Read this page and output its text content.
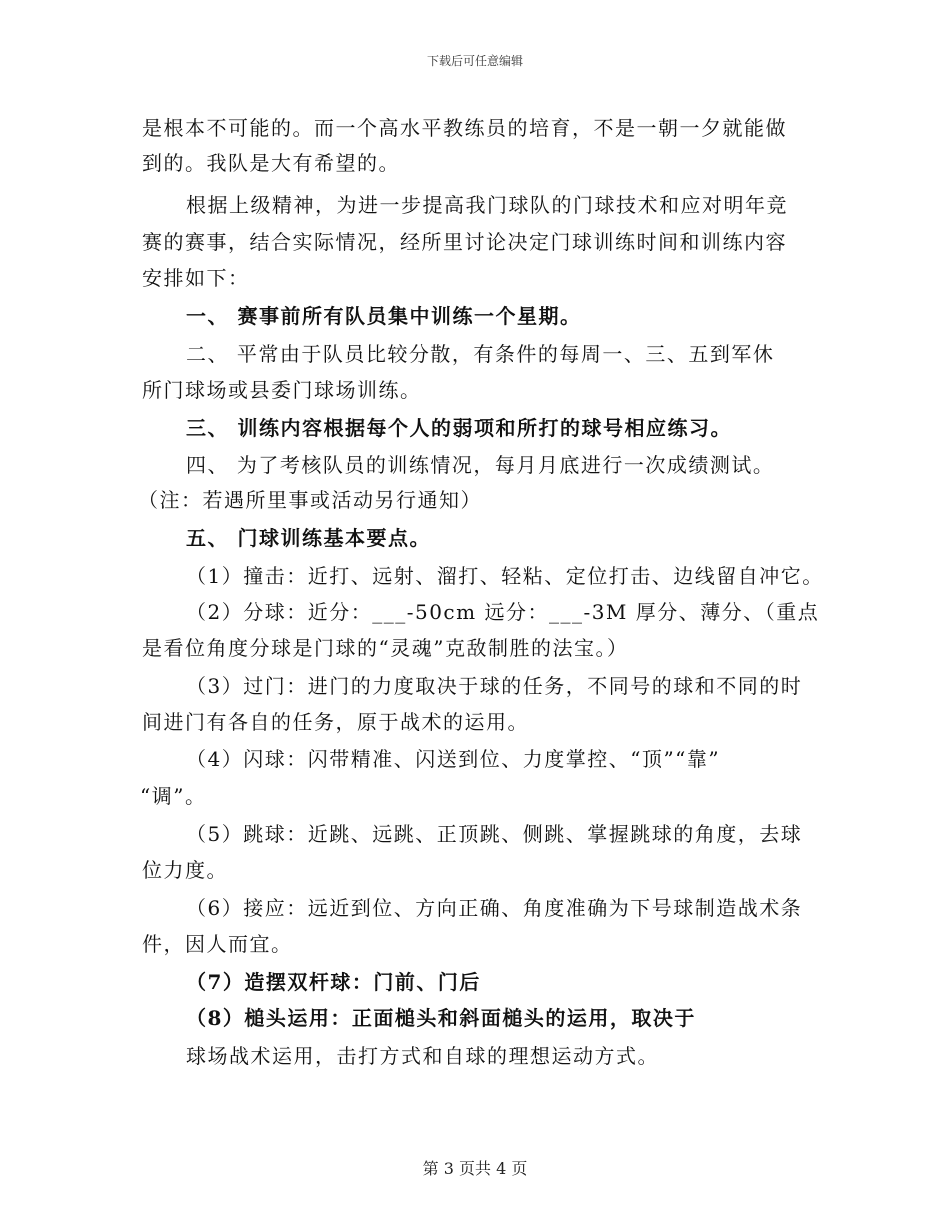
下载后可任意编辑
是根本不可能的。而一个高水平教练员的培育，不是一朝一夕就能做
到的。我队是大有希望的。
根据上级精神，为进一步提高我门球队的门球技术和应对明年竞
赛的赛事，结合实际情况，经所里讨论决定门球训练时间和训练内容
安排如下：
一、 赛事前所有队员集中训练一个星期。
二、 平常由于队员比较分散，有条件的每周一、三、五到军休
所门球场或县委门球场训练。
三、 训练内容根据每个人的弱项和所打的球号相应练习。
四、 为了考核队员的训练情况，每月月底进行一次成绩测试。
（注：若遇所里事或活动另行通知）
五、 门球训练基本要点。
（1）撞击：近打、远射、溜打、轻粘、定位打击、边线留自冲它。
（2）分球：近分：___-50cm 远分：___-3M 厚分、薄分、（重点
是看位角度分球是门球的“灵魂”克敌制胜的法宝。）
（3）过门：进门的力度取决于球的任务，不同号的球和不同的时
间进门有各自的任务，原于战术的运用。
（4）闪球：闪带精准、闪送到位、力度掌控、“顶”“靠”
“调”。
（5）跳球：近跳、远跳、正顶跳、侧跳、掌握跳球的角度，去球
位力度。
（6）接应：远近到位、方向正确、角度准确为下号球制造战术条
件，因人而宜。
（7）造摆双杆球：门前、门后
（8）槌头运用：正面槌头和斜面槌头的运用，取决于
球场战术运用，击打方式和自球的理想运动方式。
第 3 页共 4 页
